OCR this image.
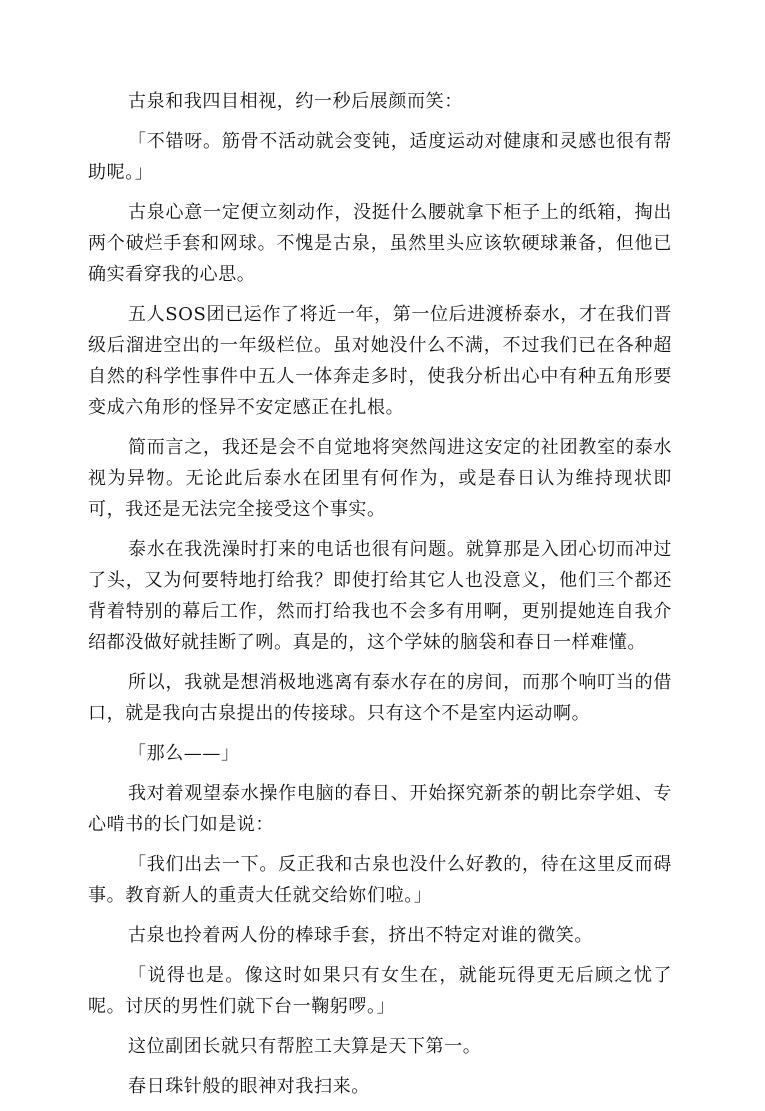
古泉和我四目相视，约一秒后展颜而笑：

「不错呀。筋骨不活动就会变钝，适度运动对健康和灵感也很有帮助呢。」

古泉心意一定便立刻动作，没挺什么腰就拿下柜子上的纸箱，掏出两个破烂手套和网球。不愧是古泉，虽然里头应该软硬球兼备，但他已确实看穿我的心思。

五人SOS团已运作了将近一年，第一位后进渡桥泰水，才在我们晋级后溜进空出的一年级栏位。虽对她没什么不满，不过我们已在各种超自然的科学性事件中五人一体奔走多时，使我分析出心中有种五角形要变成六角形的怪异不安定感正在扎根。

简而言之，我还是会不自觉地将突然闯进这安定的社团教室的泰水视为异物。无论此后泰水在团里有何作为，或是春日认为维持现状即可，我还是无法完全接受这个事实。

泰水在我洗澡时打来的电话也很有问题。就算那是入团心切而冲过了头，又为何要特地打给我？即使打给其它人也没意义，他们三个都还背着特别的幕后工作，然而打给我也不会多有用啊，更别提她连自我介绍都没做好就挂断了咧。真是的，这个学妹的脑袋和春日一样难懂。

所以，我就是想消极地逃离有泰水存在的房间，而那个响叮当的借口，就是我向古泉提出的传接球。只有这个不是室内运动啊。

「那么——」

我对着观望泰水操作电脑的春日、开始探究新茶的朝比奈学姐、专心啃书的长门如是说：

「我们出去一下。反正我和古泉也没什么好教的，待在这里反而碍事。教育新人的重责大任就交给妳们啦。」

古泉也拎着两人份的棒球手套，挤出不特定对谁的微笑。

「说得也是。像这时如果只有女生在，就能玩得更无后顾之忧了呢。讨厌的男性们就下台一鞠躬啰。」

这位副团长就只有帮腔工夫算是天下第一。

春日珠针般的眼神对我扫来。
